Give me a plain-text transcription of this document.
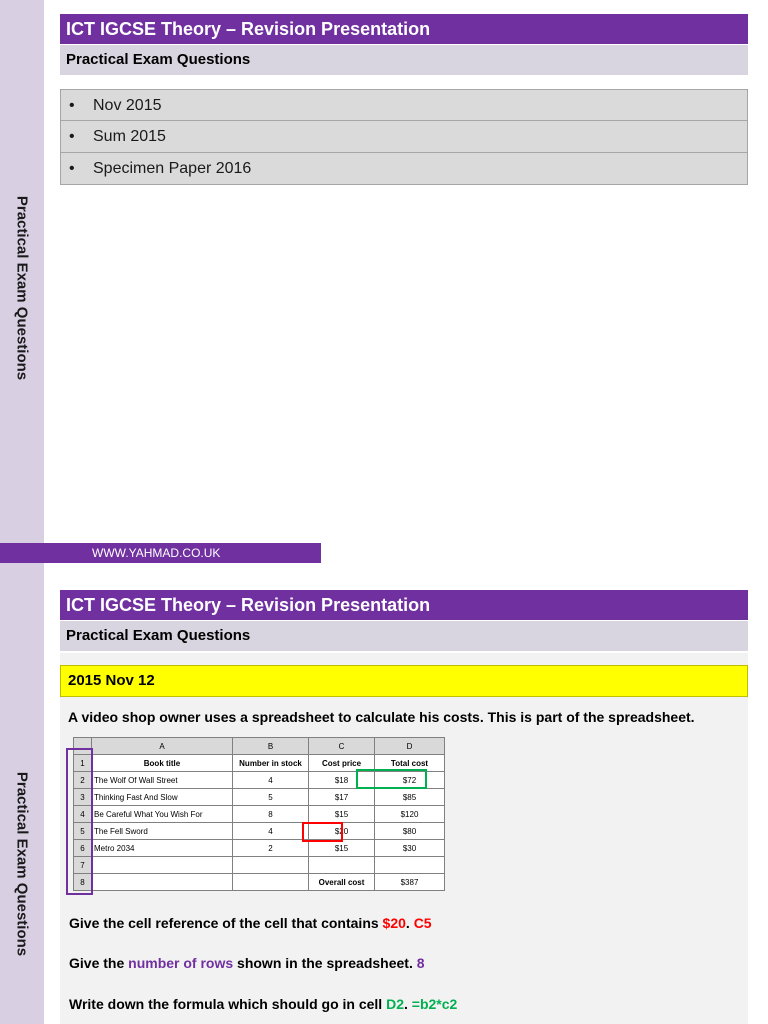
Practical Exam Questions
ICT IGCSE Theory – Revision Presentation
Practical Exam Questions
• Nov 2015
• Sum 2015
• Specimen Paper 2016
WWW.YAHMAD.CO.UK
Practical Exam Questions
ICT IGCSE Theory – Revision Presentation
Practical Exam Questions
2015 Nov 12
A video shop owner uses a spreadsheet to calculate his costs. This is part of the spreadsheet.
	A	B	C	D
1	Book title	Number in stock	Cost price	Total cost
2	The Wolf Of Wall Street	4	$18	$72
3	Thinking Fast And Slow	5	$17	$85
4	Be Careful What You Wish For	8	$15	$120
5	The Fell Sword	4	$20	$80
6	Metro 2034	2	$15	$30
7				
8			Overall cost	$387
Give the cell reference of the cell that contains $20. C5
Give the number of rows shown in the spreadsheet. 8
Write down the formula which should go in cell D2. =b2*c2
